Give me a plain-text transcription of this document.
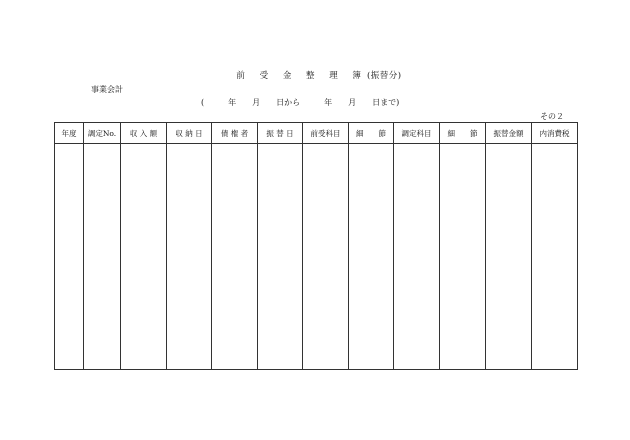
前 受 金 整 理 簿(振替分)
事業会計
(　　　年　　月　　日から　　　年　　月　　日まで)
その２
年度	調定No.	収 入 額	収 納 日	債 権 者	振 替 日	前受科目	細　　節	調定科目	細　　節	振替金額	内消費税
